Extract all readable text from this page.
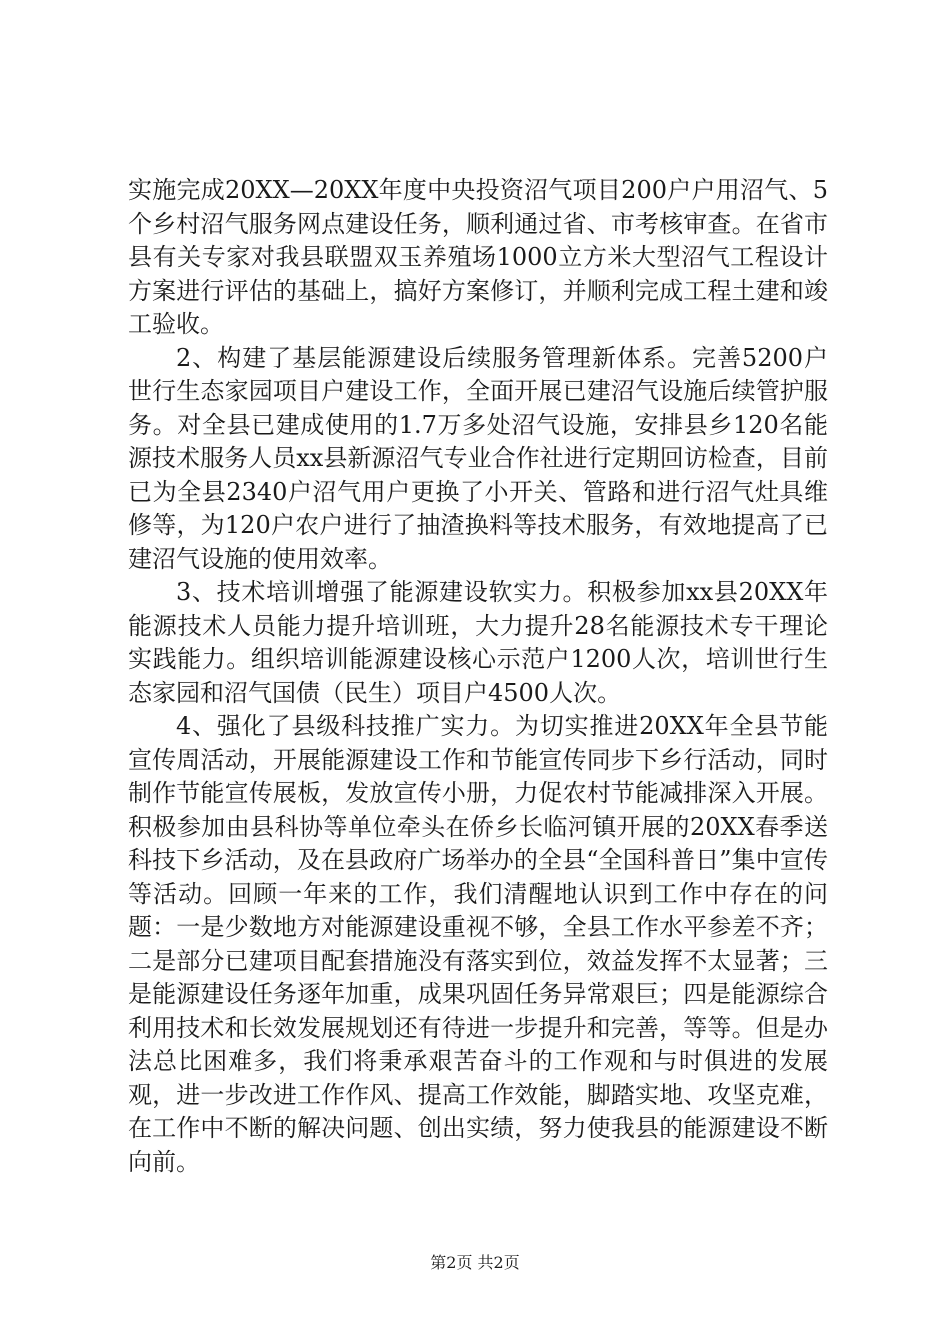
实施完成20XX—20XX年度中央投资沼气项目200户户用沼气、5个乡村沼气服务网点建设任务，顺利通过省、市考核审查。在省市县有关专家对我县联盟双玉养殖场1000立方米大型沼气工程设计方案进行评估的基础上，搞好方案修订，并顺利完成工程土建和竣工验收。

2、构建了基层能源建设后续服务管理新体系。完善5200户世行生态家园项目户建设工作，全面开展已建沼气设施后续管护服务。对全县已建成使用的1.7万多处沼气设施，安排县乡120名能源技术服务人员xx县新源沼气专业合作社进行定期回访检查，目前已为全县2340户沼气用户更换了小开关、管路和进行沼气灶具维修等，为120户农户进行了抽渣换料等技术服务，有效地提高了已建沼气设施的使用效率。

3、技术培训增强了能源建设软实力。积极参加xx县20XX年能源技术人员能力提升培训班，大力提升28名能源技术专干理论实践能力。组织培训能源建设核心示范户1200人次，培训世行生态家园和沼气国债（民生）项目户4500人次。

4、强化了县级科技推广实力。为切实推进20XX年全县节能宣传周活动，开展能源建设工作和节能宣传同步下乡行活动，同时制作节能宣传展板，发放宣传小册，力促农村节能减排深入开展。积极参加由县科协等单位牵头在侨乡长临河镇开展的20XX春季送科技下乡活动，及在县政府广场举办的全县“全国科普日”集中宣传等活动。回顾一年来的工作，我们清醒地认识到工作中存在的问题：一是少数地方对能源建设重视不够，全县工作水平参差不齐；二是部分已建项目配套措施没有落实到位，效益发挥不太显著；三是能源建设任务逐年加重，成果巩固任务异常艰巨；四是能源综合利用技术和长效发展规划还有待进一步提升和完善，等等。但是办法总比困难多，我们将秉承艰苦奋斗的工作观和与时俱进的发展观，进一步改进工作作风、提高工作效能，脚踏实地、攻坚克难，在工作中不断的解决问题、创出实绩，努力使我县的能源建设不断向前。

第2页 共2页
